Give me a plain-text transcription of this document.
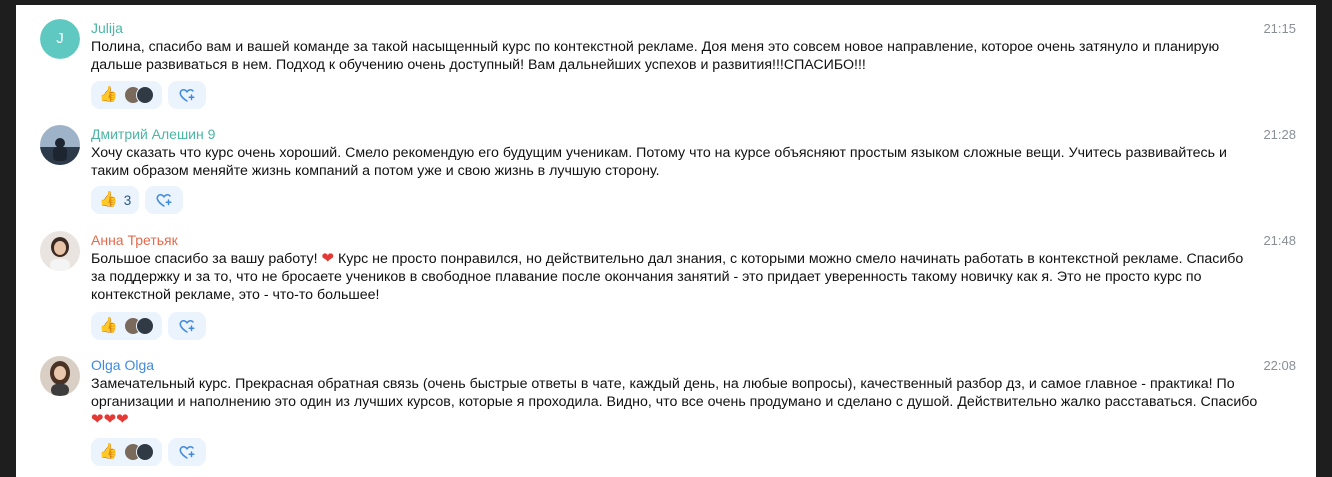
J
Julija	21:15
Полина, спасибо вам и вашей команде за такой насыщенный курс по контекстной рекламе. Доя меня это совсем новое направление, которое очень затянуло и планирую дальше развиваться в нем. Подход к обучению очень доступный! Вам дальнейших успехов и развития!!!СПАСИБО!!!
👍
Дмитрий Алешин 9	21:28
Хочу сказать что курс очень хороший. Смело рекомендую его будущим ученикам. Потому что на курсе объясняют простым языком сложные вещи. Учитесь развивайтесь и таким образом меняйте жизнь компаний а потом уже и свою жизнь в лучшую сторону.
👍 3
Анна Третьяк	21:48
Большое спасибо за вашу работу! ❤ Курс не просто понравился, но действительно дал знания, с которыми можно смело начинать работать в контекстной рекламе. Спасибо за поддержку и за то, что не бросаете учеников в свободное плавание после окончания занятий - это придает уверенность такому новичку как я. Это не просто курс по контекстной рекламе, это - что-то большее!
👍
Olga Olga	22:08
Замечательный курс. Прекрасная обратная связь (очень быстрые ответы в чате, каждый день, на любые вопросы), качественный разбор дз, и самое главное - практика! По организации и наполнению это один из лучших курсов, которые я проходила. Видно, что все очень продумано и сделано с душой. Действительно жалко расставаться. Спасибо ❤❤❤
👍
